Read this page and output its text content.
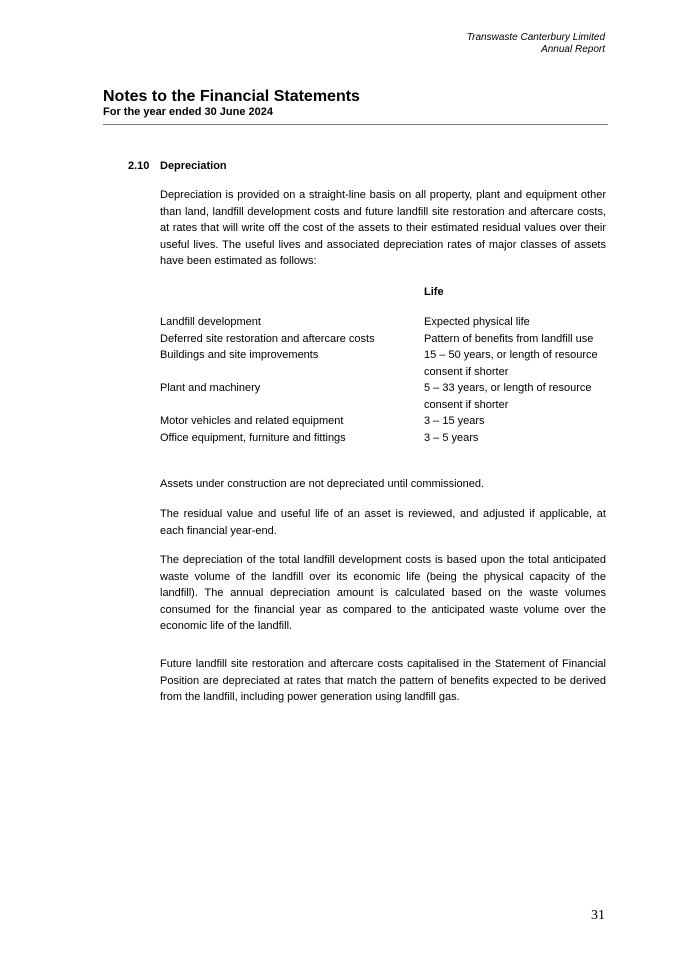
Transwaste Canterbury Limited
Annual Report
Notes to the Financial Statements
For the year ended 30 June 2024
2.10 Depreciation

Depreciation is provided on a straight-line basis on all property, plant and equipment other than land, landfill development costs and future landfill site restoration and aftercare costs, at rates that will write off the cost of the assets to their estimated residual values over their useful lives. The useful lives and associated depreciation rates of major classes of assets have been estimated as follows:

Life
Landfill development	Expected physical life
Deferred site restoration and aftercare costs	Pattern of benefits from landfill use
Buildings and site improvements	15 – 50 years, or length of resource consent if shorter
Plant and machinery	5 – 33 years, or length of resource consent if shorter
Motor vehicles and related equipment	3 – 15 years
Office equipment, furniture and fittings	3 – 5 years

Assets under construction are not depreciated until commissioned.

The residual value and useful life of an asset is reviewed, and adjusted if applicable, at each financial year-end.

The depreciation of the total landfill development costs is based upon the total anticipated waste volume of the landfill over its economic life (being the physical capacity of the landfill). The annual depreciation amount is calculated based on the waste volumes consumed for the financial year as compared to the anticipated waste volume over the economic life of the landfill.

Future landfill site restoration and aftercare costs capitalised in the Statement of Financial Position are depreciated at rates that match the pattern of benefits expected to be derived from the landfill, including power generation using landfill gas.

31
